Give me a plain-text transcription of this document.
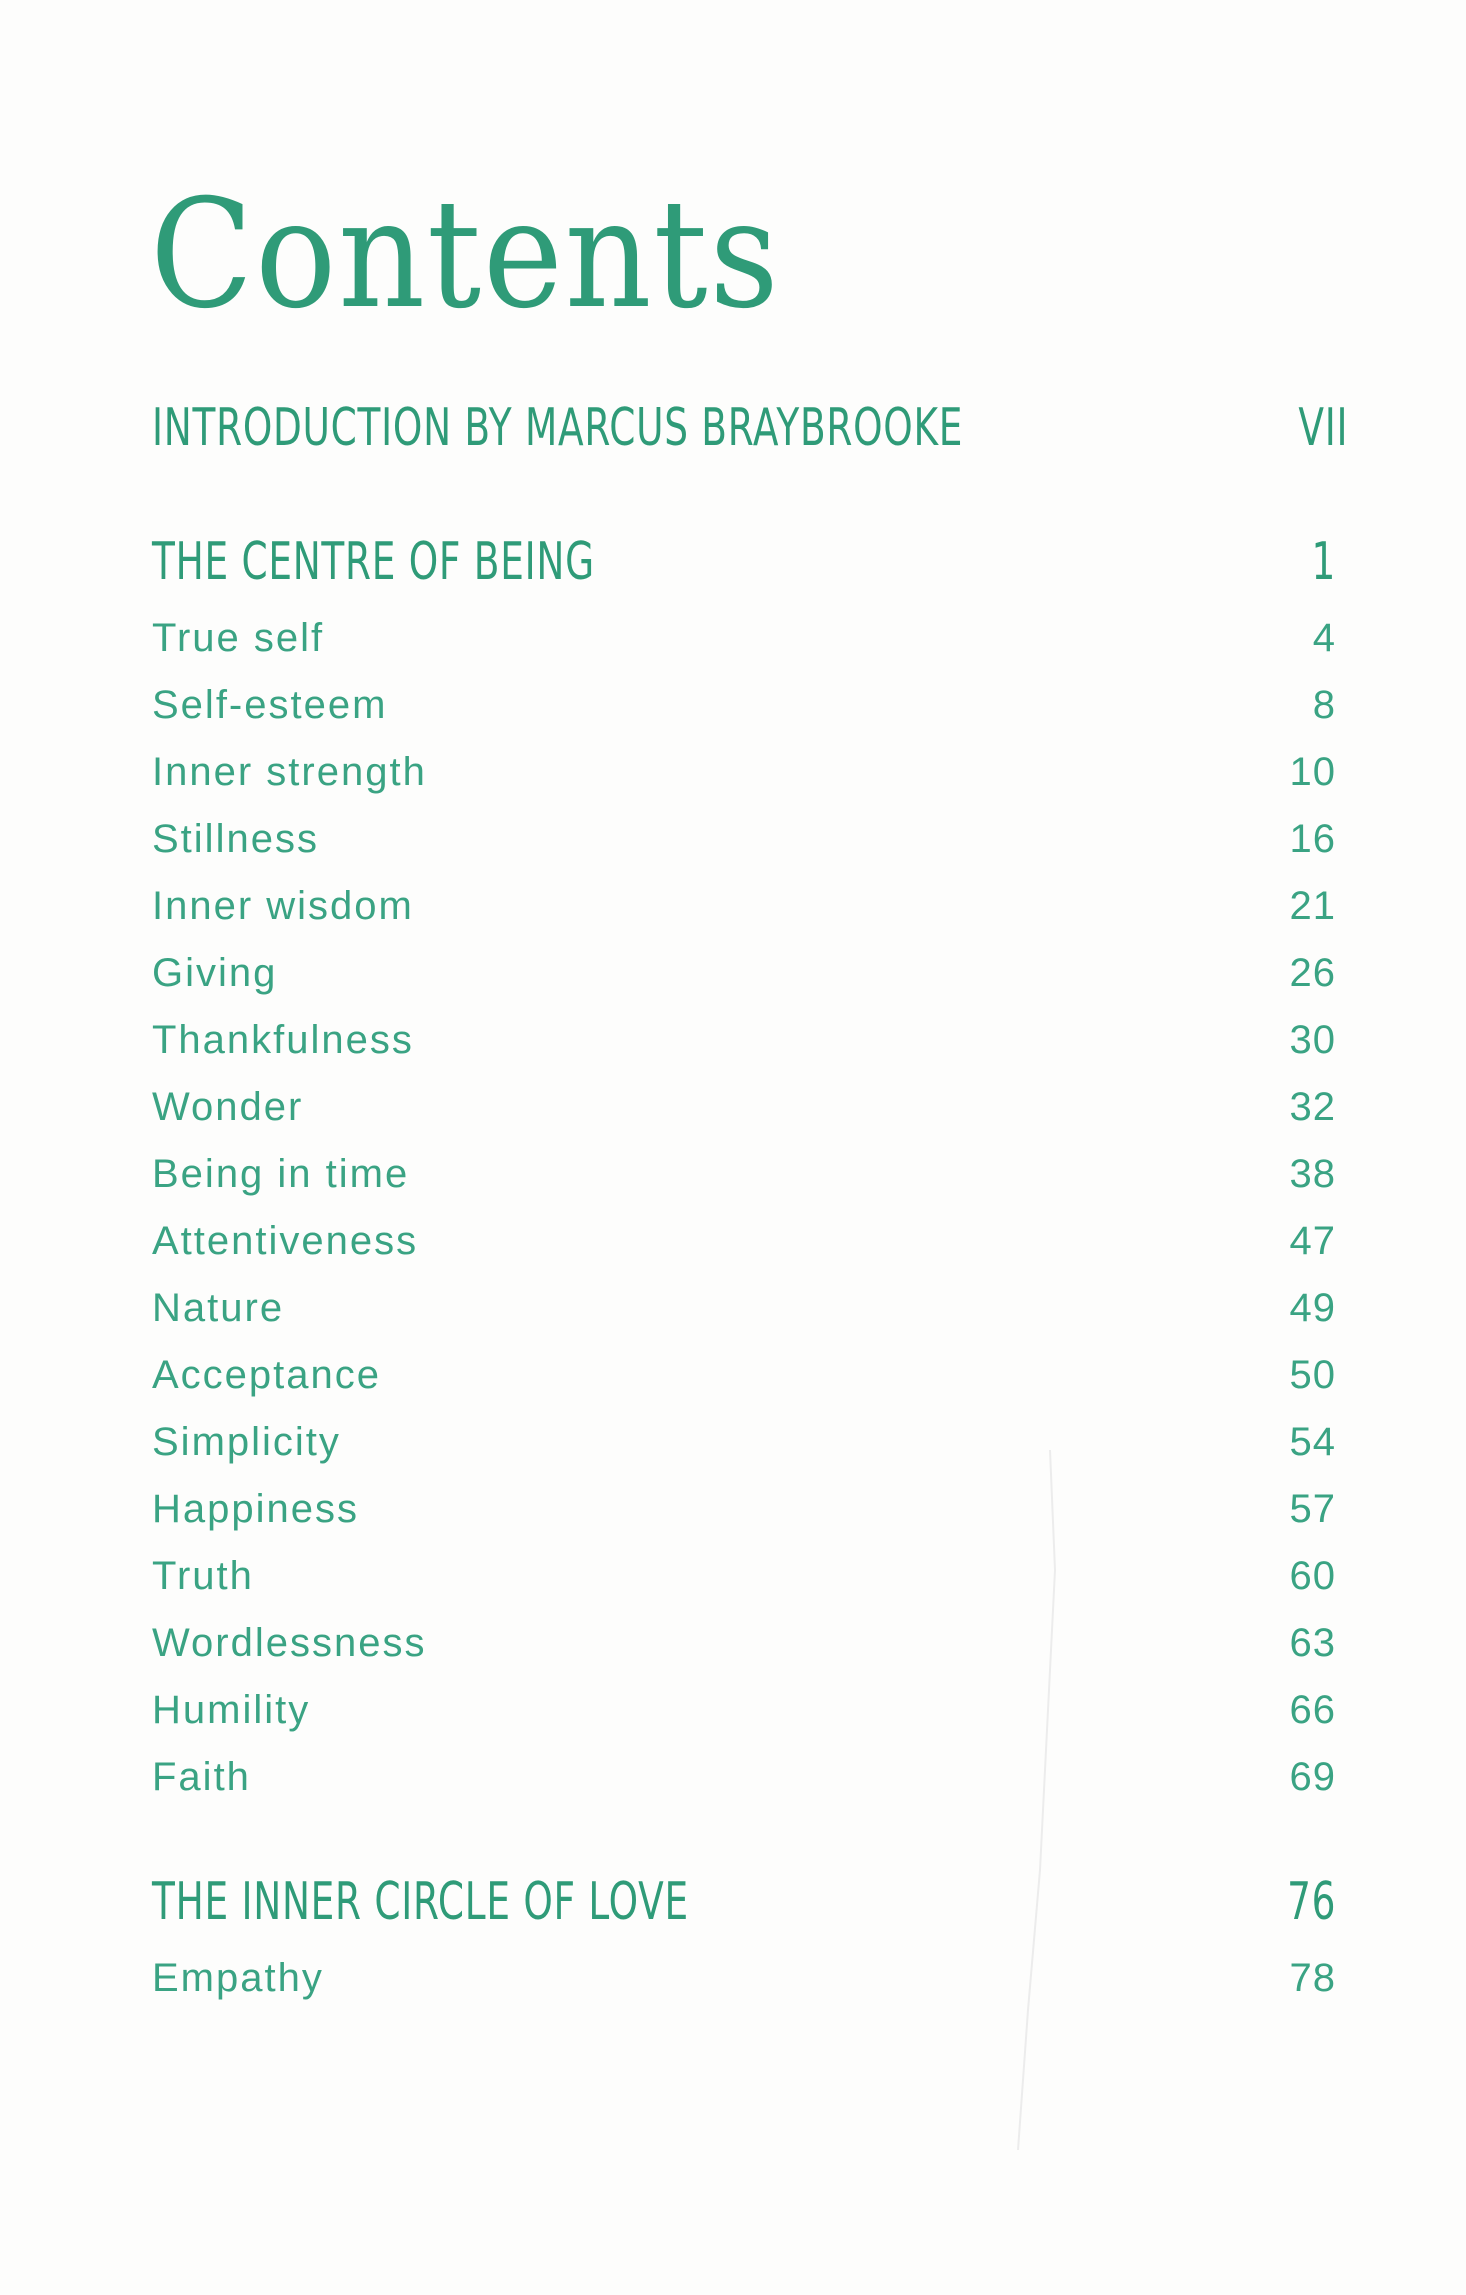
Contents
INTRODUCTION BY MARCUS BRAYBROOKE	VII
THE CENTRE OF BEING	1
True self	4
Self-esteem	8
Inner strength	10
Stillness	16
Inner wisdom	21
Giving	26
Thankfulness	30
Wonder	32
Being in time	38
Attentiveness	47
Nature	49
Acceptance	50
Simplicity	54
Happiness	57
Truth	60
Wordlessness	63
Humility	66
Faith	69
THE INNER CIRCLE OF LOVE	76
Empathy	78
